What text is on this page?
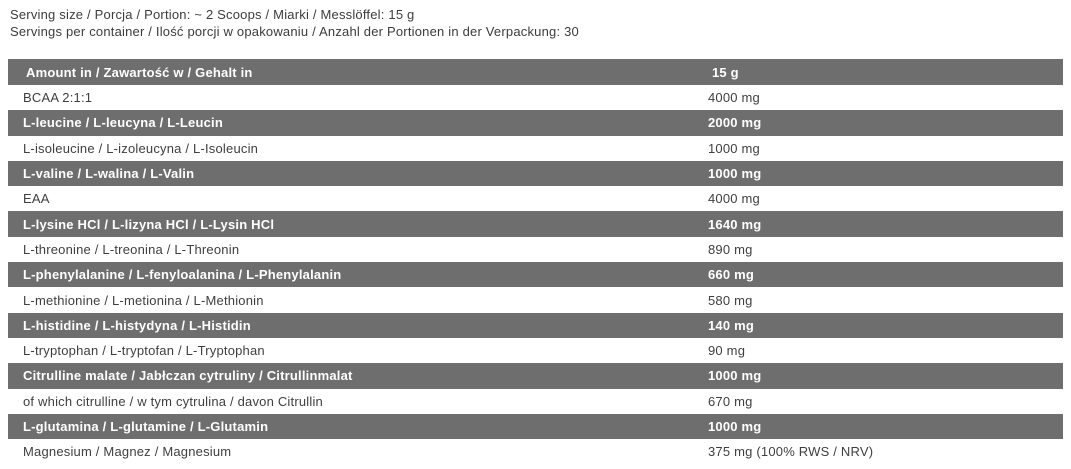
Serving size / Porcja / Portion: ~ 2 Scoops / Miarki / Messlöffel: 15 g
Servings per container / Ilość porcji w opakowaniu / Anzahl der Portionen in der Verpackung: 30
Amount in / Zawartość w / Gehalt in	15 g
BCAA 2:1:1	4000 mg
L-leucine / L-leucyna / L-Leucin	2000 mg
L-isoleucine / L-izoleucyna / L-Isoleucin	1000 mg
L-valine / L-walina / L-Valin	1000 mg
EAA	4000 mg
L-lysine HCl / L-lizyna HCl / L-Lysin HCl	1640 mg
L-threonine / L-treonina / L-Threonin	890 mg
L-phenylalanine / L-fenyloalanina / L-Phenylalanin	660 mg
L-methionine / L-metionina / L-Methionin	580 mg
L-histidine / L-histydyna / L-Histidin	140 mg
L-tryptophan / L-tryptofan / L-Tryptophan	90 mg
Citrulline malate / Jabłczan cytruliny / Citrullinmalat	1000 mg
of which citrulline / w tym cytrulina / davon Citrullin	670 mg
L-glutamina / L-glutamine / L-Glutamin	1000 mg
Magnesium / Magnez / Magnesium	375 mg (100% RWS / NRV)
